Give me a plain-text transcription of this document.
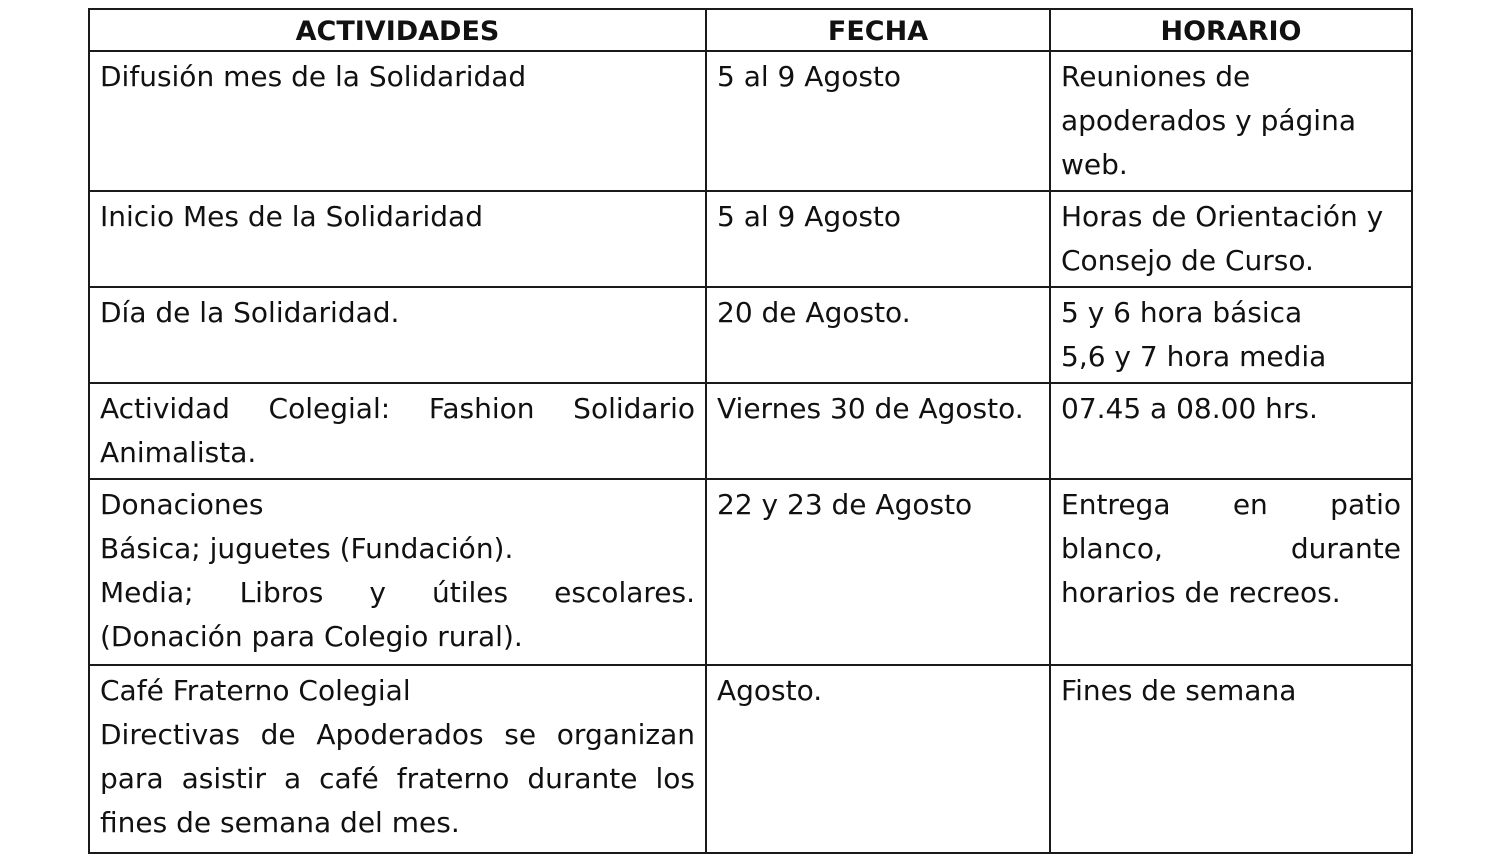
ACTIVIDADES	FECHA	HORARIO

Difusión mes de la Solidaridad	5 al 9 Agosto	Reuniones de
apoderados y página
web.

Inicio Mes de la Solidaridad	5 al 9 Agosto	Horas de Orientación y
Consejo de Curso.

Día de la Solidaridad.	20 de Agosto.	5 y 6 hora básica
5,6 y 7 hora media

Actividad Colegial: Fashion Solidario
Animalista.	Viernes 30 de Agosto.	07.45 a 08.00 hrs.

Donaciones
Básica; juguetes (Fundación).
Media; Libros y útiles escolares.
(Donación para Colegio rural).	22 y 23 de Agosto	Entrega en patio
blanco, durante
horarios de recreos.

Café Fraterno Colegial
Directivas de Apoderados se organizan
para asistir a café fraterno durante los
fines de semana del mes.	Agosto.	Fines de semana
